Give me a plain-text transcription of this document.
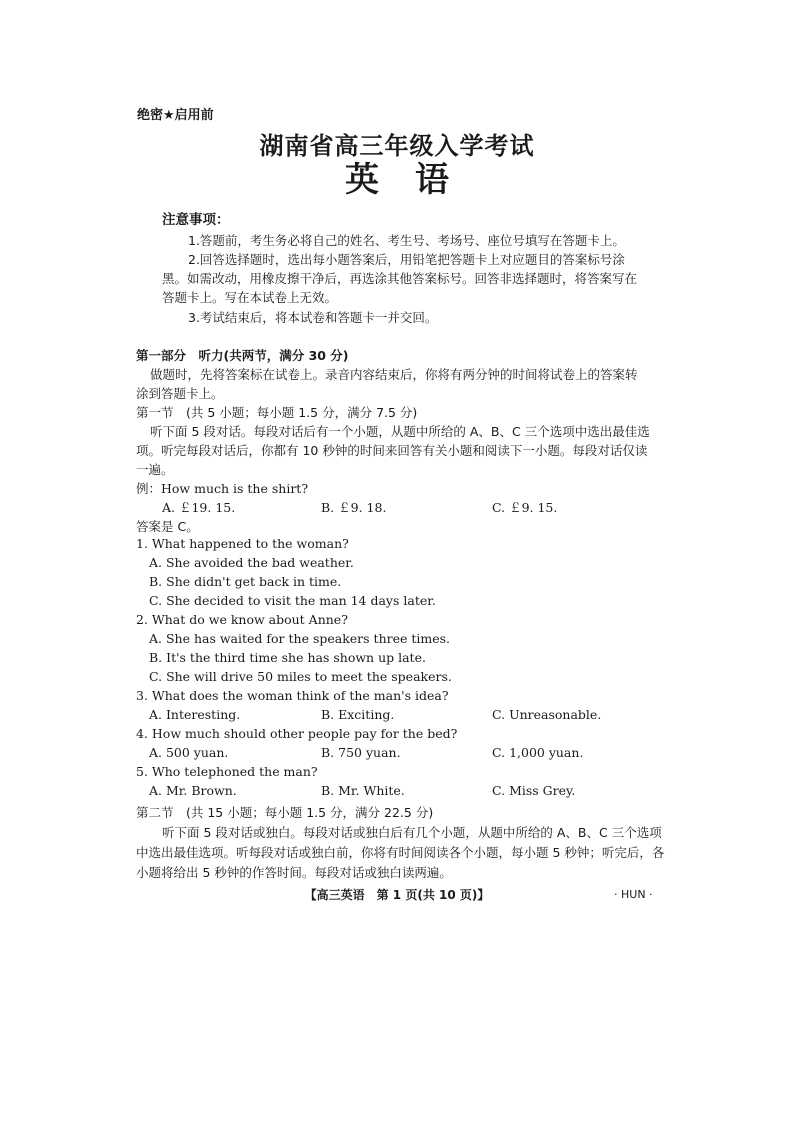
绝密★启用前
湖南省高三年级入学考试
英语
注意事项：
1.答题前，考生务必将自己的姓名、考生号、考场号、座位号填写在答题卡上。
2.回答选择题时，选出每小题答案后，用铅笔把答题卡上对应题目的答案标号涂
黑。如需改动，用橡皮擦干净后，再选涂其他答案标号。回答非选择题时，将答案写在
答题卡上。写在本试卷上无效。
3.考试结束后，将本试卷和答题卡一并交回。
第一部分　听力(共两节，满分 30 分)
做题时，先将答案标在试卷上。录音内容结束后，你将有两分钟的时间将试卷上的答案转
涂到答题卡上。
第一节　(共 5 小题；每小题 1.5 分，满分 7.5 分)
听下面 5 段对话。每段对话后有一个小题，从题中所给的 A、B、C 三个选项中选出最佳选
项。听完每段对话后，你都有 10 秒钟的时间来回答有关小题和阅读下一小题。每段对话仅读
一遍。
例：How much is the shirt?
A. ￡19. 15.	B. ￡9. 18.	C. ￡9. 15.
答案是 C。
1. What happened to the woman?
A. She avoided the bad weather.
B. She didn't get back in time.
C. She decided to visit the man 14 days later.
2. What do we know about Anne?
A. She has waited for the speakers three times.
B. It's the third time she has shown up late.
C. She will drive 50 miles to meet the speakers.
3. What does the woman think of the man's idea?
A. Interesting.	B. Exciting.	C. Unreasonable.
4. How much should other people pay for the bed?
A. 500 yuan.	B. 750 yuan.	C. 1,000 yuan.
5. Who telephoned the man?
A. Mr. Brown.	B. Mr. White.	C. Miss Grey.
第二节　(共 15 小题；每小题 1.5 分，满分 22.5 分)
听下面 5 段对话或独白。每段对话或独白后有几个小题，从题中所给的 A、B、C 三个选项
中选出最佳选项。听每段对话或独白前，你将有时间阅读各个小题，每小题 5 秒钟；听完后，各
小题将给出 5 秒钟的作答时间。每段对话或独白读两遍。
【高三英语　第 1 页(共 10 页)】	· HUN ·
